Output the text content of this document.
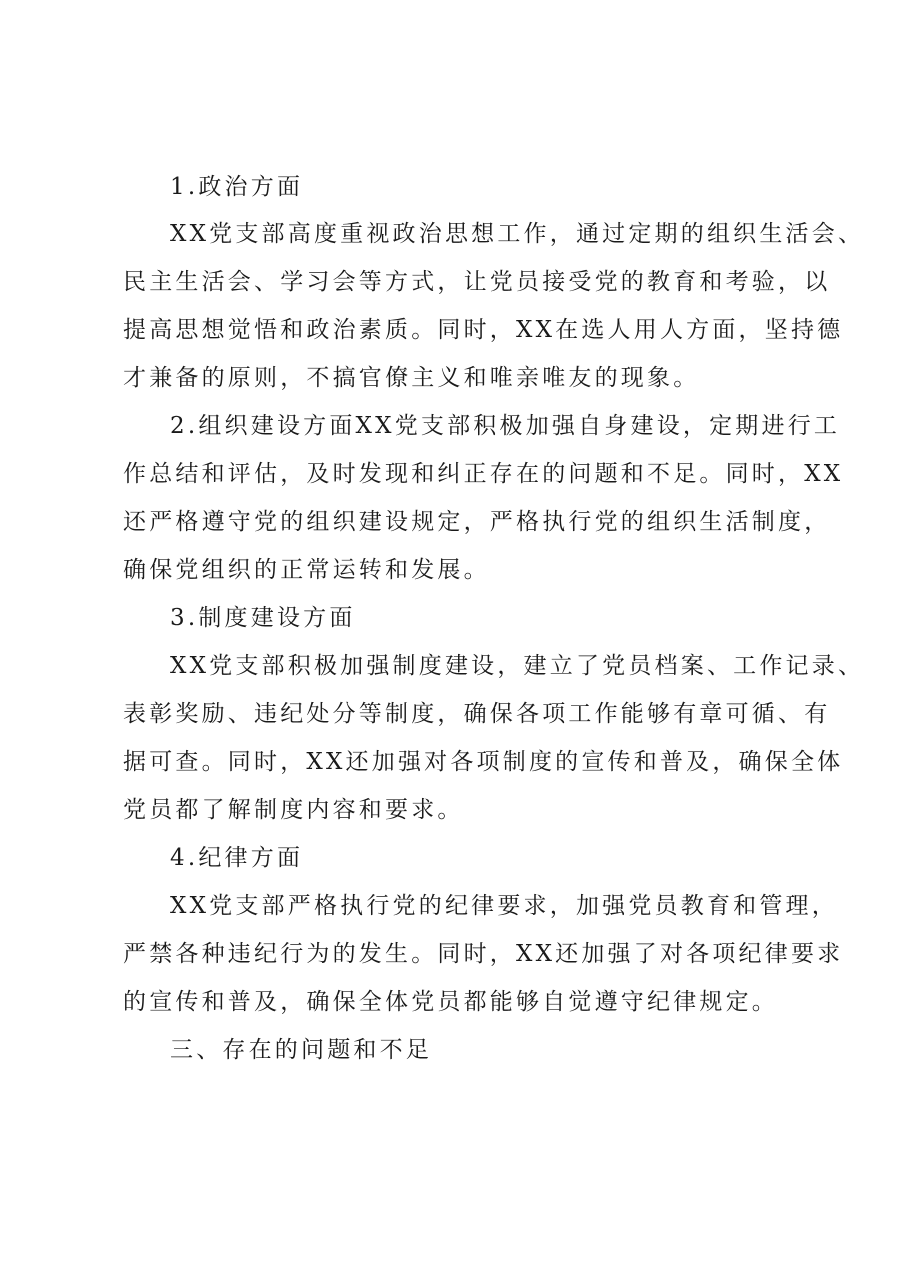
1.政治方面
XX党支部高度重视政治思想工作，通过定期的组织生活会、
民主生活会、学习会等方式，让党员接受党的教育和考验，以
提高思想觉悟和政治素质。同时，XX在选人用人方面，坚持德
才兼备的原则，不搞官僚主义和唯亲唯友的现象。
2.组织建设方面XX党支部积极加强自身建设，定期进行工
作总结和评估，及时发现和纠正存在的问题和不足。同时，XX
还严格遵守党的组织建设规定，严格执行党的组织生活制度，
确保党组织的正常运转和发展。
3.制度建设方面
XX党支部积极加强制度建设，建立了党员档案、工作记录、
表彰奖励、违纪处分等制度，确保各项工作能够有章可循、有
据可查。同时，XX还加强对各项制度的宣传和普及，确保全体
党员都了解制度内容和要求。
4.纪律方面
XX党支部严格执行党的纪律要求，加强党员教育和管理，
严禁各种违纪行为的发生。同时，XX还加强了对各项纪律要求
的宣传和普及，确保全体党员都能够自觉遵守纪律规定。
三、存在的问题和不足
